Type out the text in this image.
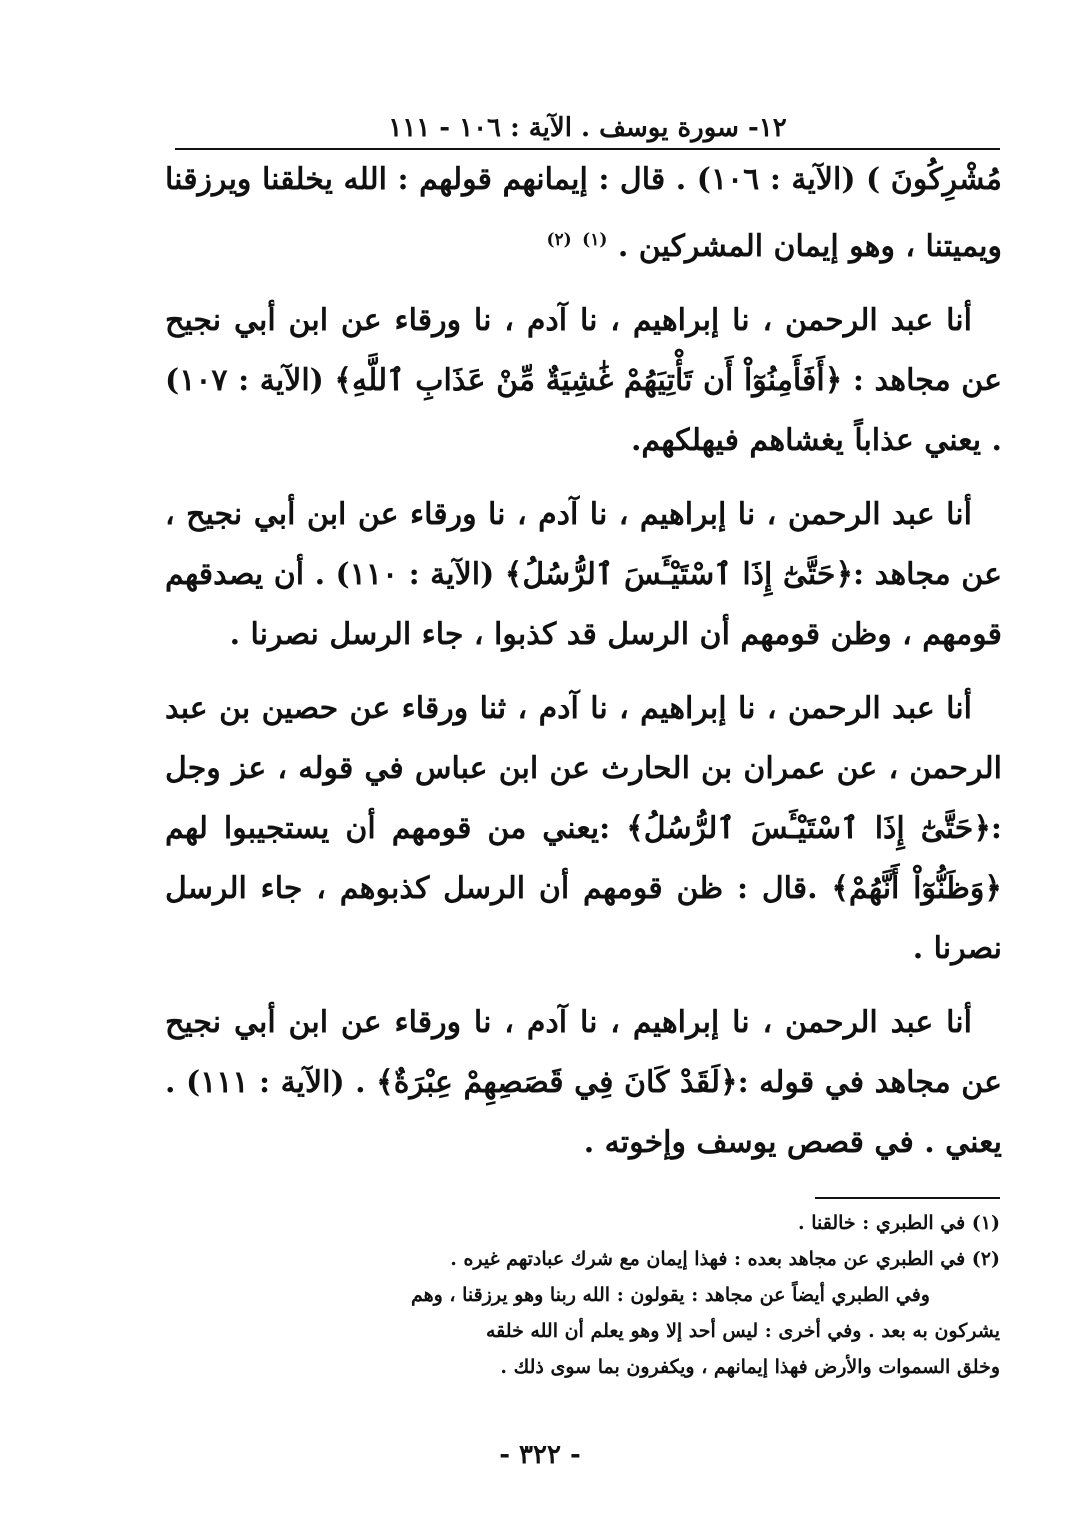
١٢- سورة يوسف . الآية : ١٠٦ - ١١١

مُشْرِكُونَ ) (الآية : ١٠٦) . قال : إيمانهم قولهم : الله يخلقنا ويرزقنا ويميتنا ، وهو إيمان المشركين . $^{(١)}$ $^{(٢)}$

أنا عبد الرحمن ، نا إبراهيم ، نا آدم ، نا ورقاء عن ابن أبي نجيح عن مجاهد : ﴿أَفَأَمِنُوٓاْ أَن تَأْتِيَهُمْ غَٰشِيَةٌ مِّنْ عَذَابِ ٱللَّهِ﴾ (الآية : ١٠٧) . يعني عذاباً يغشاهم فيهلكهم.

أنا عبد الرحمن ، نا إبراهيم ، نا آدم ، نا ورقاء عن ابن أبي نجيح ، عن مجاهد :﴿حَتَّىٰٓ إِذَا ٱسْتَيْـَٔسَ ٱلرُّسُلُ﴾ (الآية : ١١٠) . أن يصدقهم قومهم ، وظن قومهم أن الرسل قد كذبوا ، جاء الرسل نصرنا .

أنا عبد الرحمن ، نا إبراهيم ، نا آدم ، ثنا ورقاء عن حصين بن عبد الرحمن ، عن عمران بن الحارث عن ابن عباس في قوله ، عز وجل :﴿حَتَّىٰٓ إِذَا ٱسْتَيْـَٔسَ ٱلرُّسُلُ﴾ :يعني من قومهم أن يستجيبوا لهم ﴿وَظَنُّوٓاْ أَنَّهُمْ﴾ .قال : ظن قومهم أن الرسل كذبوهم ، جاء الرسل نصرنا .

أنا عبد الرحمن ، نا إبراهيم ، نا آدم ، نا ورقاء عن ابن أبي نجيح عن مجاهد في قوله :﴿لَقَدْ كَانَ فِي قَصَصِهِمْ عِبْرَةٌ﴾ . (الآية : ١١١) . يعني . في قصص يوسف وإخوته .

(١) في الطبري : خالقنا .

(٢) في الطبري عن مجاهد بعده : فهذا إيمان مع شرك عبادتهم غيره .

وفي الطبري أيضاً عن مجاهد : يقولون : الله ربنا وهو يرزقنا ، وهم

يشركون به بعد . وفي أخرى : ليس أحد إلا وهو يعلم أن الله خلقه

وخلق السموات والأرض فهذا إيمانهم ، ويكفرون بما سوى ذلك .

- ٣٢٢ -
